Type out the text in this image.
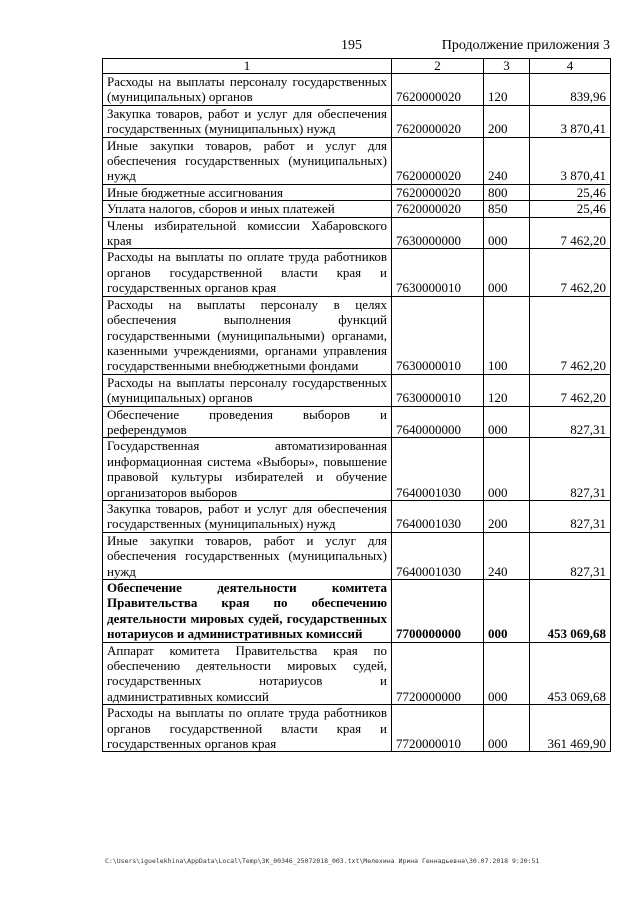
195	Продолжение приложения 3
1	2	3	4
Расходы на выплаты персоналу государственных (муниципальных) органов	7620000020	120	839,96
Закупка товаров, работ и услуг для обеспечения государственных (муниципальных) нужд	7620000020	200	3 870,41
Иные закупки товаров, работ и услуг для обеспечения государственных (муниципальных) нужд	7620000020	240	3 870,41
Иные бюджетные ассигнования	7620000020	800	25,46
Уплата налогов, сборов и иных платежей	7620000020	850	25,46
Члены избирательной комиссии Хабаровского края	7630000000	000	7 462,20
Расходы на выплаты по оплате труда работников органов государственной власти края и государственных органов края	7630000010	000	7 462,20
Расходы на выплаты персоналу в целях обеспечения выполнения функций государственными (муниципальными) органами, казенными учреждениями, органами управления государственными внебюджетными фондами	7630000010	100	7 462,20
Расходы на выплаты персоналу государственных (муниципальных) органов	7630000010	120	7 462,20
Обеспечение проведения выборов и референдумов	7640000000	000	827,31
Государственная автоматизированная информационная система «Выборы», повышение правовой культуры избирателей и обучение организаторов выборов	7640001030	000	827,31
Закупка товаров, работ и услуг для обеспечения государственных (муниципальных) нужд	7640001030	200	827,31
Иные закупки товаров, работ и услуг для обеспечения государственных (муниципальных) нужд	7640001030	240	827,31
Обеспечение деятельности комитета Правительства края по обеспечению деятельности мировых судей, государственных нотариусов и административных комиссий	7700000000	000	453 069,68
Аппарат комитета Правительства края по обеспечению деятельности мировых судей, государственных нотариусов и административных комиссий	7720000000	000	453 069,68
Расходы на выплаты по оплате труда работников органов государственной власти края и государственных органов края	7720000010	000	361 469,90
C:\Users\iguelekhina\AppData\Local\Temp\ЗК_00346_25072018_003.txt\Мелехина Ирина Геннадьевна\30.07.2018 9:20:51
